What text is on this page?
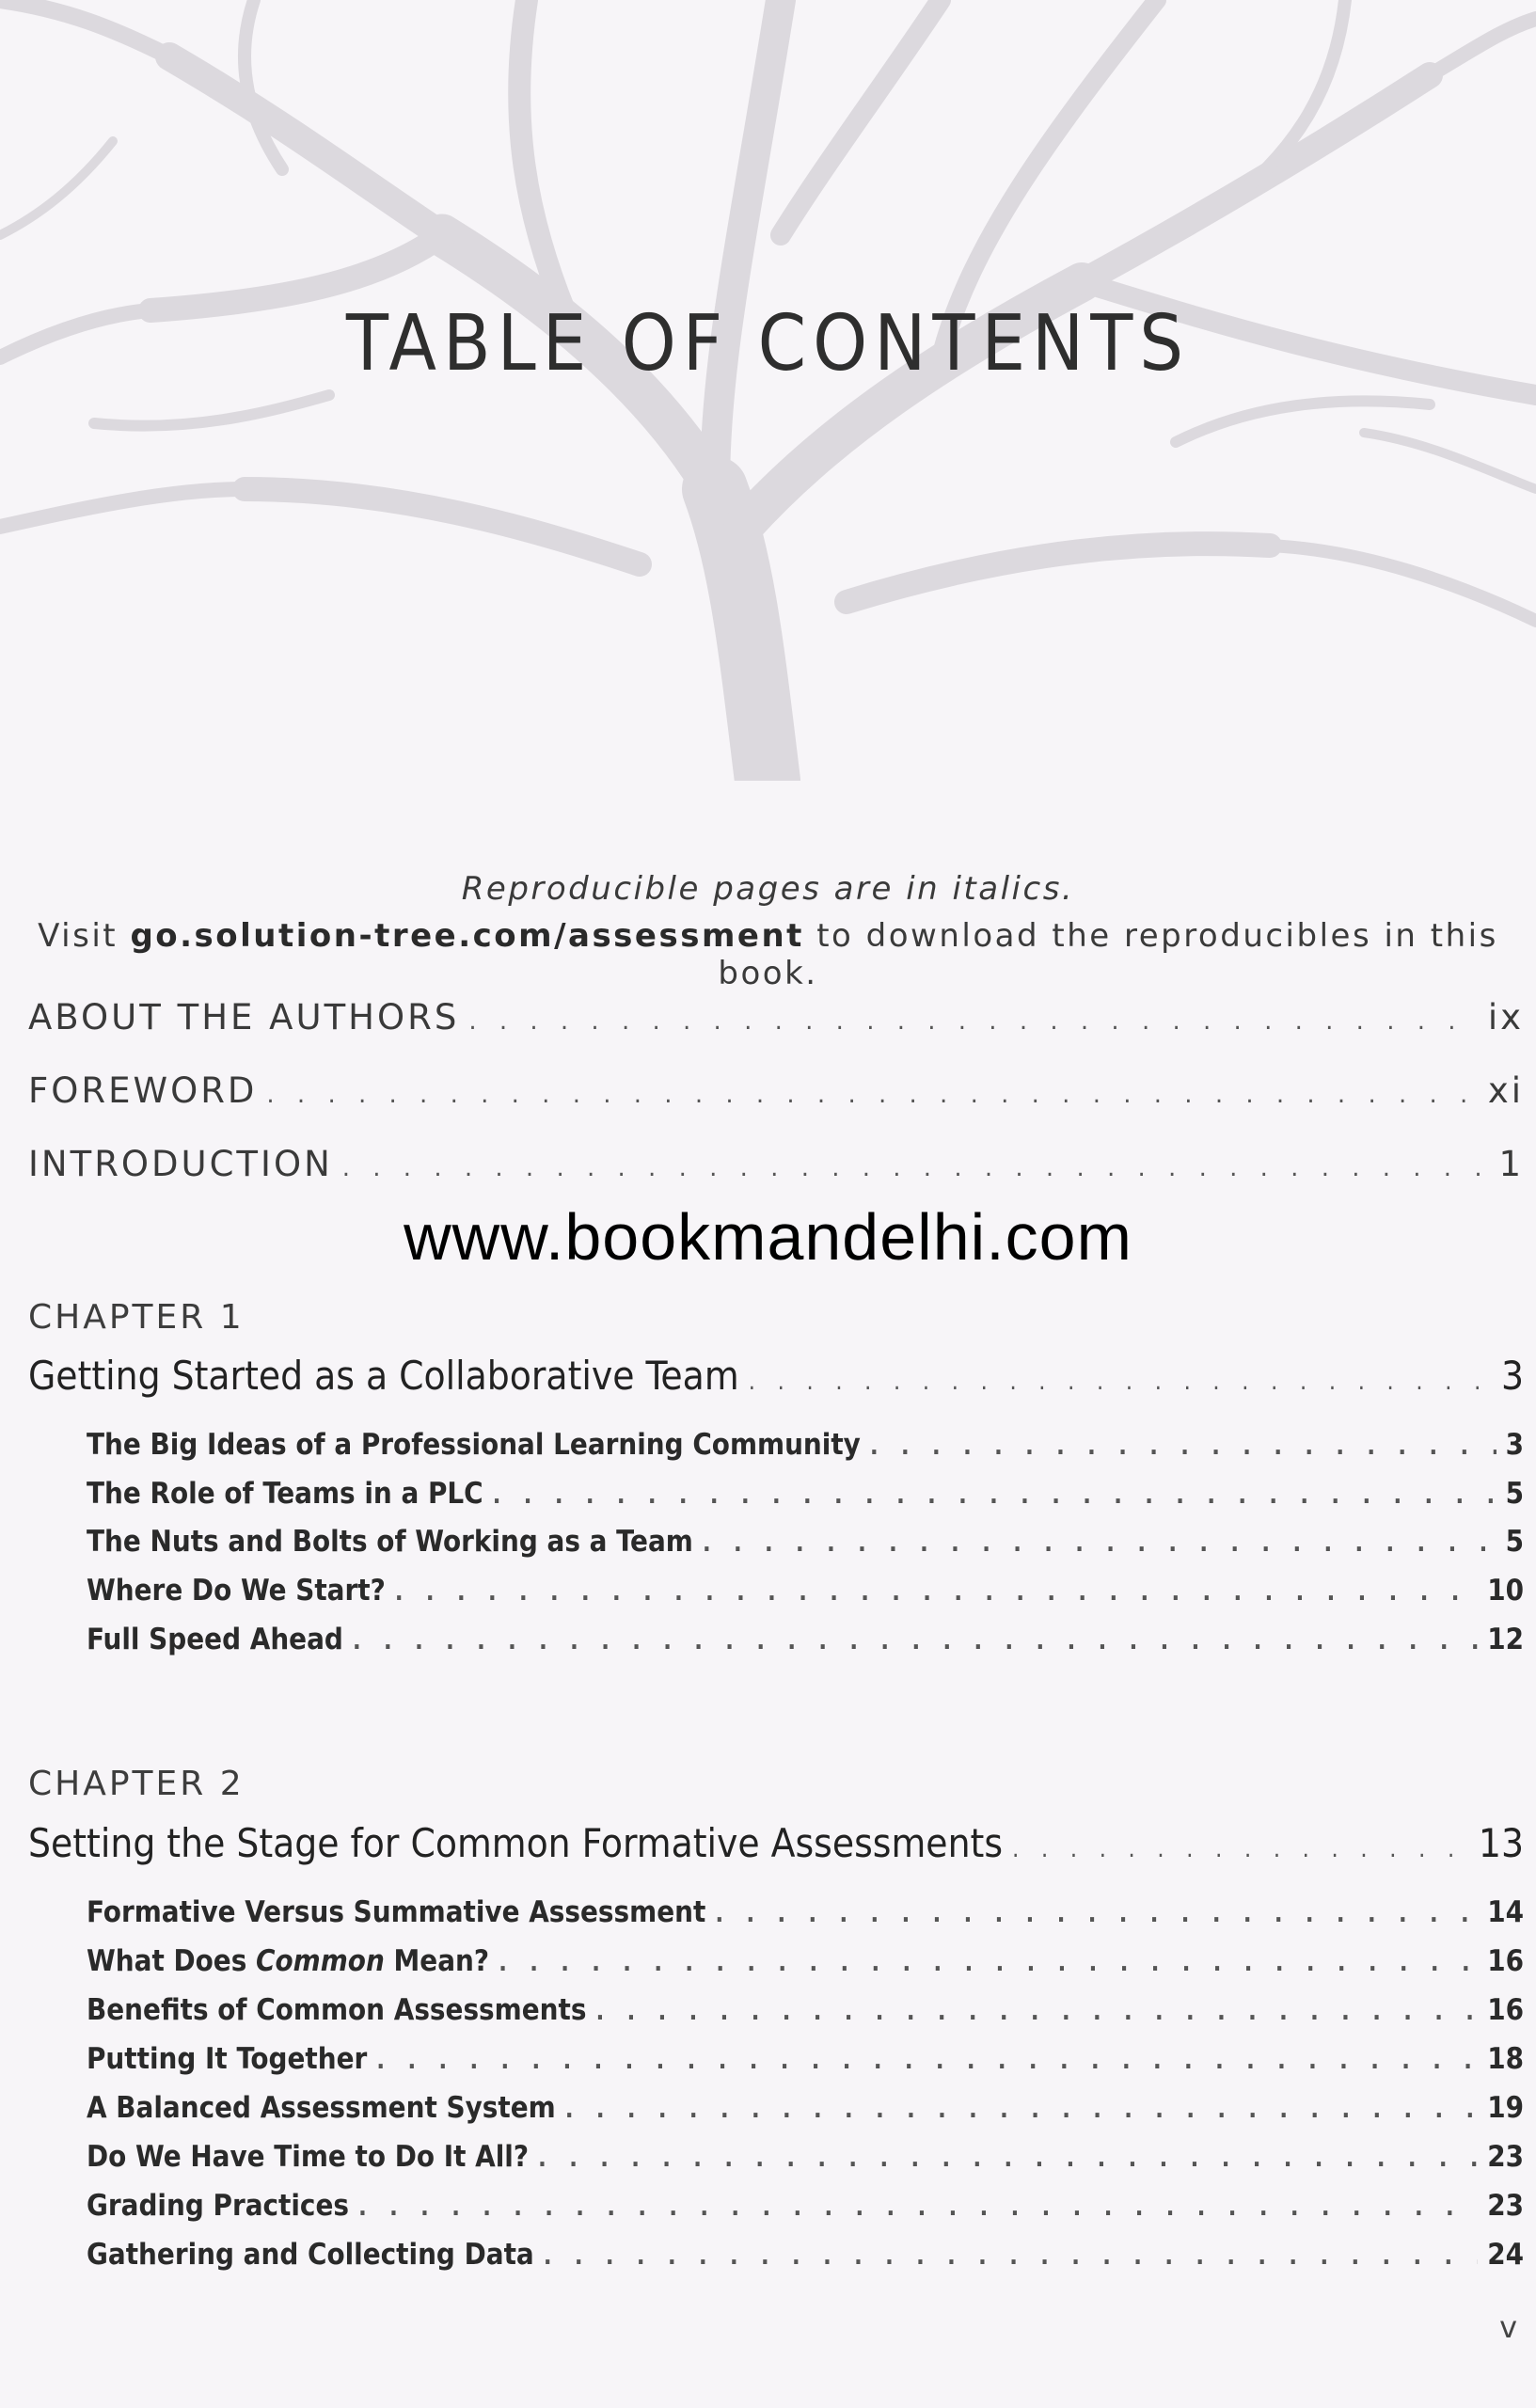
TABLE OF CONTENTS
Reproducible pages are in italics.
Visit go.solution-tree.com/assessment to download the reproducibles in this book.
ABOUT THE AUTHORS . . .	ix
FOREWORD . . .	xi
INTRODUCTION . . .	1
www.bookmandelhi.com
CHAPTER 1
Getting Started as a Collaborative Team . . .	3
The Big Ideas of a Professional Learning Community . . .	3
The Role of Teams in a PLC . . .	5
The Nuts and Bolts of Working as a Team . . .	5
Where Do We Start? . . .	10
Full Speed Ahead . . .	12
CHAPTER 2
Setting the Stage for Common Formative Assessments . . .	13
Formative Versus Summative Assessment . . .	14
What Does Common Mean? . . .	16
Benefits of Common Assessments . . .	16
Putting It Together . . .	18
A Balanced Assessment System . . .	19
Do We Have Time to Do It All? . . .	23
Grading Practices . . .	23
Gathering and Collecting Data . . .	24
v
